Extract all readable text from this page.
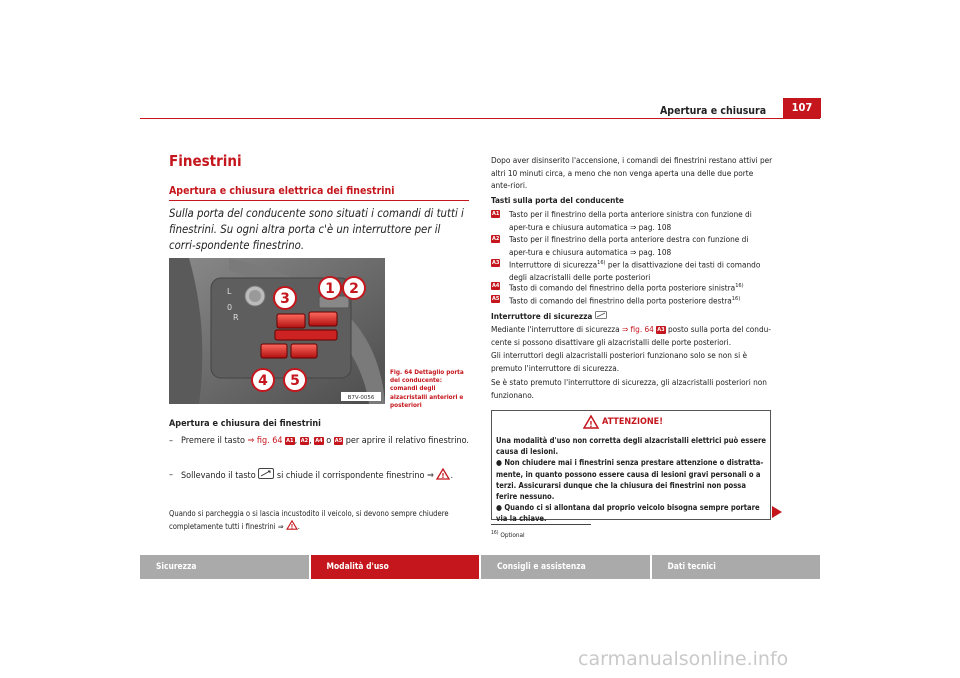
Apertura e chiusura	107
Finestrini
Apertura e chiusura elettrica dei finestrini
Sulla porta del conducente sono situati i comandi di tutti i finestrini. Su ogni altra porta c'è un interruttore per il corri-spondente finestrino.
L
0
R
1 2
3
4 5
B7V-0056
Fig. 64 Dettaglio porta del conducente: comandi degli alzacristalli anteriori e posteriori
Apertura e chiusura dei finestrini
– Premere il tasto ⇒ fig. 64 A1, A2, A4 o A5 per aprire il relativo finestrino.
– Sollevando il tasto si chiude il corrispondente finestrino ⇒ ! .
Quando si parcheggia o si lascia incustodito il veicolo, si devono sempre chiudere completamente tutti i finestrini ⇒ ! .
Dopo aver disinserito l'accensione, i comandi dei finestrini restano attivi per altri 10 minuti circa, a meno che non venga aperta una delle due porte ante-riori.
Tasti sulla porta del conducente
A1 Tasto per il finestrino della porta anteriore sinistra con funzione di aper-tura e chiusura automatica ⇒ pag. 108
A2 Tasto per il finestrino della porta anteriore destra con funzione di aper-tura e chiusura automatica ⇒ pag. 108
A3 Interruttore di sicurezza$^{16)}$ per la disattivazione dei tasti di comando degli alzacristalli delle porte posteriori
A4 Tasto di comando del finestrino della porta posteriore sinistra$^{16)}$
A5 Tasto di comando del finestrino della porta posteriore destra$^{16)}$
Interruttore di sicurezza
Mediante l'interruttore di sicurezza ⇒ fig. 64 A3 posto sulla porta del condu-cente si possono disattivare gli alzacristalli delle porte posteriori.
Gli interruttori degli alzacristalli posteriori funzionano solo se non si è premuto l'interruttore di sicurezza.
Se è stato premuto l'interruttore di sicurezza, gli alzacristalli posteriori non funzionano.
! ATTENZIONE!
Una modalità d'uso non corretta degli alzacristalli elettrici può essere causa di lesioni.
● Non chiudere mai i finestrini senza prestare attenzione o distratta-mente, in quanto possono essere causa di lesioni gravi personali o a terzi. Assicurarsi dunque che la chiusura dei finestrini non possa ferire nessuno.
● Quando ci si allontana dal proprio veicolo bisogna sempre portare via la chiave.
$^{16)}$ Optional
Sicurezza	Modalità d'uso	Consigli e assistenza	Dati tecnici
carmanualsonline.info
